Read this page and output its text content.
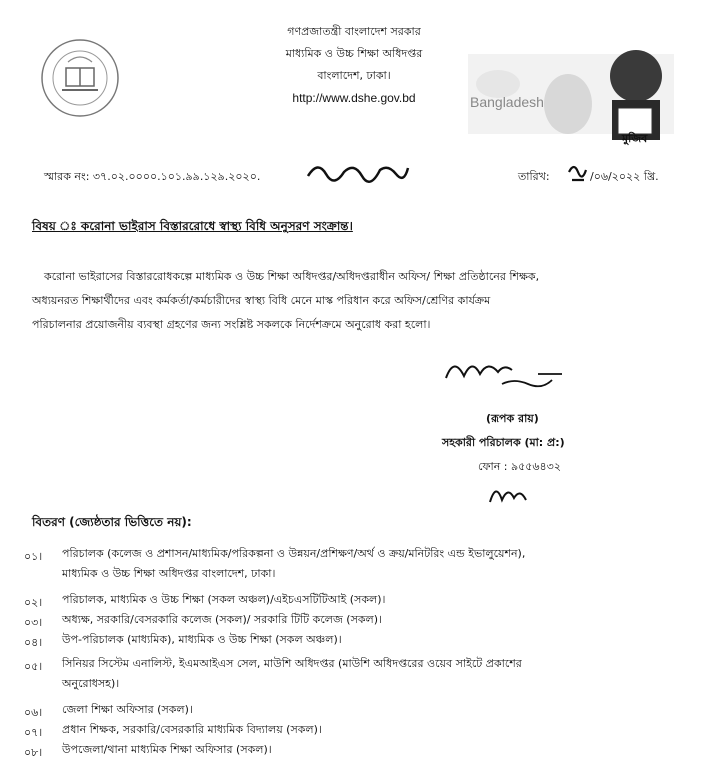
গণপ্রজাতন্ত্রী বাংলাদেশ সরকার
মাধ্যমিক ও উচ্চ শিক্ষা অধিদপ্তর
বাংলাদেশ, ঢাকা।
http://www.dshe.gov.bd	Bangladesh
মুজিব
স্মারক নং: ৩৭.০২.০০০০.১০১.৯৯.১২৯.২০২০.	তারিখ:	/০৬/২০২২ খ্রি.
বিষয় ঃ করোনা ভাইরাস বিস্তাররোধে স্বাস্থ্য বিধি অনুসরণ সংক্রান্ত।
করোনা ভাইরাসের বিস্তাররোধকল্পে মাধ্যমিক ও উচ্চ শিক্ষা অধিদপ্তর/অধিদপ্তরাধীন অফিস/ শিক্ষা প্রতিষ্ঠানের শিক্ষক,
অধ্যয়নরত শিক্ষার্থীদের এবং কর্মকর্তা/কর্মচারীদের স্বাস্থ্য বিধি মেনে মাস্ক পরিধান করে অফিস/শ্রেণির কার্যক্রম
পরিচালনার প্রয়োজনীয় ব্যবস্থা গ্রহণের জন্য সংশ্লিষ্ট সকলকে নির্দেশক্রমে অনুরোধ করা হলো।
(রূপক রায়)
সহকারী পরিচালক (মা: প্র:)
ফোন : ৯৫৫৬৪৩২
বিতরণ (জ্যেষ্ঠতার ভিত্তিতে নয়):
০১।	পরিচালক (কলেজ ও প্রশাসন/মাধ্যমিক/পরিকল্পনা ও উন্নয়ন/প্রশিক্ষণ/অর্থ ও ক্রয়/মনিটরিং এন্ড ইভালুয়েশন),
মাধ্যমিক ও উচ্চ শিক্ষা অধিদপ্তর বাংলাদেশ, ঢাকা।
০২।	পরিচালক, মাধ্যমিক ও উচ্চ শিক্ষা (সকল অঞ্চল)/এইচএসটিটিআই (সকল)।
০৩।	অধ্যক্ষ, সরকারি/বেসরকারি কলেজ (সকল)/ সরকারি টিটি কলেজ (সকল)।
০৪।	উপ-পরিচালক (মাধ্যমিক), মাধ্যমিক ও উচ্চ শিক্ষা (সকল অঞ্চল)।
০৫।	সিনিয়র সিস্টেম এনালিস্ট, ইএমআইএস সেল, মাউশি অধিদপ্তর (মাউশি অধিদপ্তরের ওয়েব সাইটে প্রকাশের
অনুরোধসহ)।
০৬।	জেলা শিক্ষা অফিসার (সকল)।
০৭।	প্রধান শিক্ষক, সরকারি/বেসরকারি মাধ্যমিক বিদ্যালয় (সকল)।
০৮।	উপজেলা/থানা মাধ্যমিক শিক্ষা অফিসার (সকল)।
